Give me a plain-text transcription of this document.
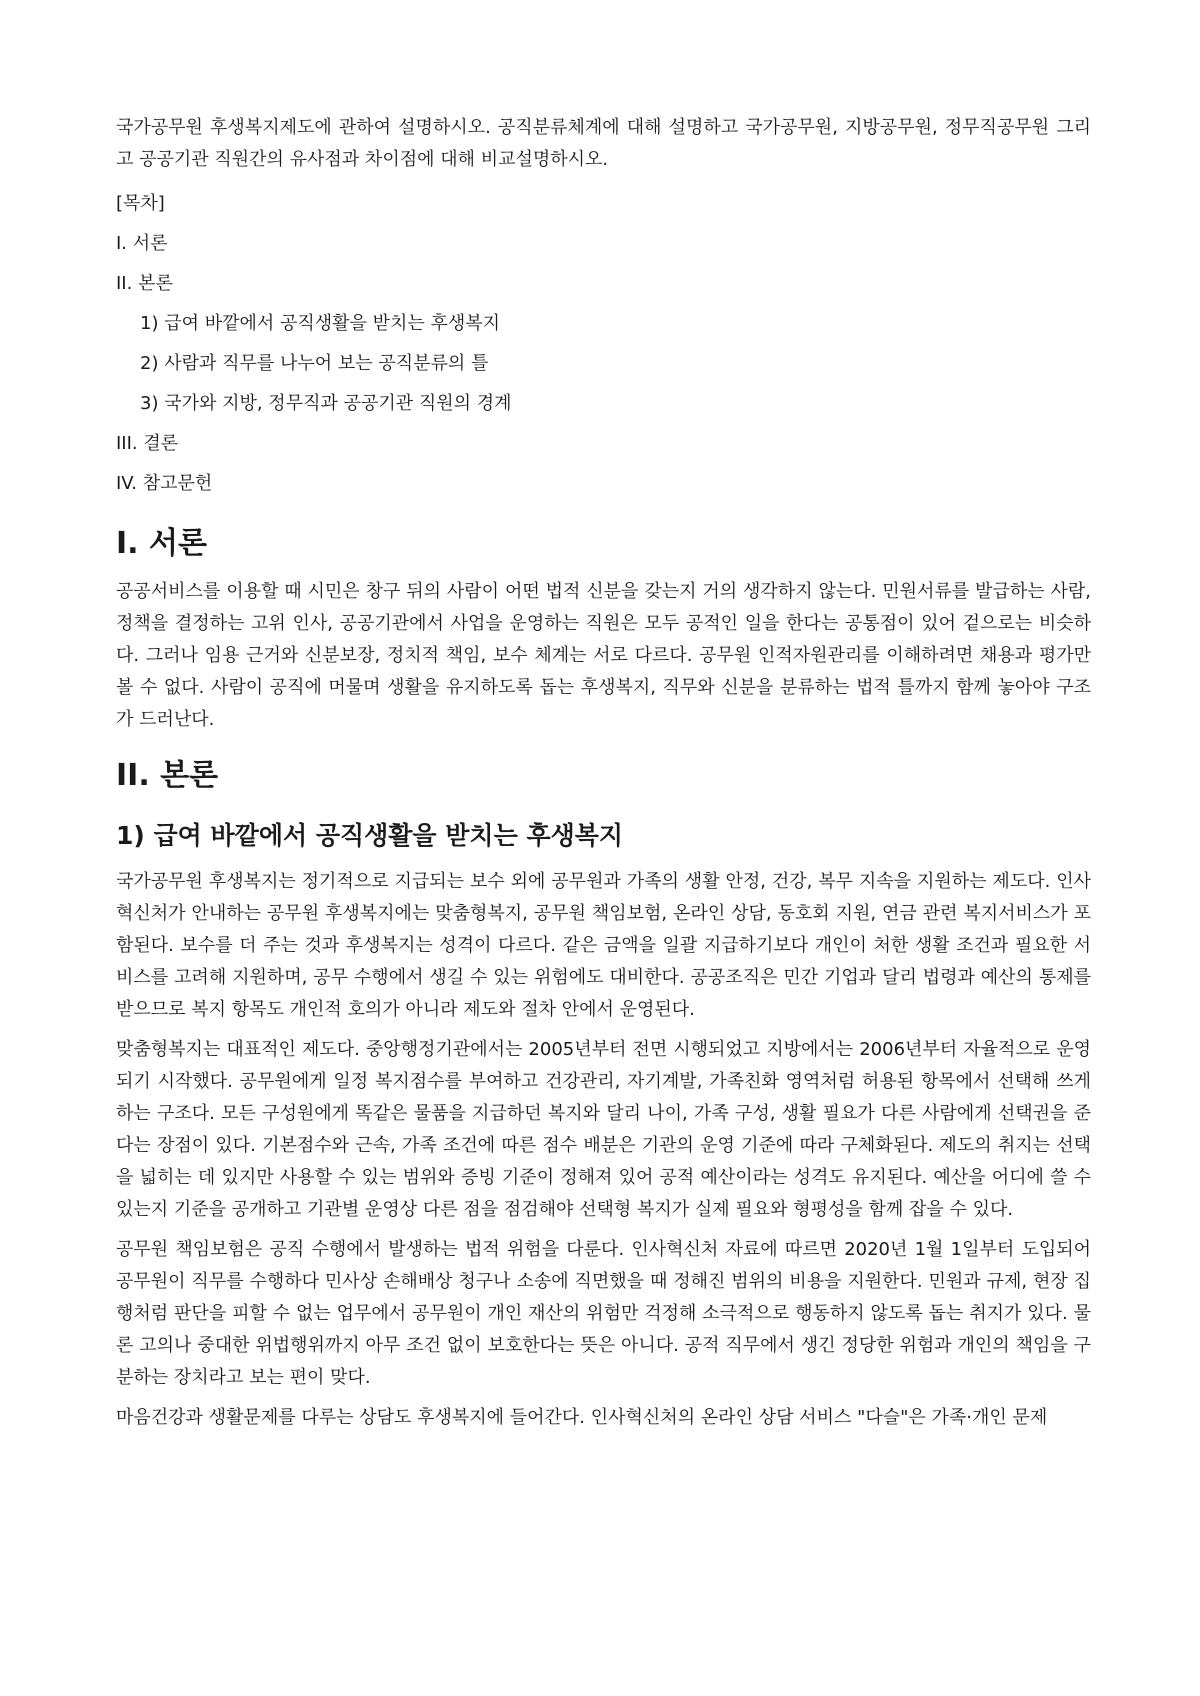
국가공무원 후생복지제도에 관하여 설명하시오. 공직분류체계에 대해 설명하고 국가공무원, 지방공무원, 정무직공무원 그리고 공공기관 직원간의 유사점과 차이점에 대해 비교설명하시오.

[목차]
I. 서론
II. 본론
1) 급여 바깥에서 공직생활을 받치는 후생복지
2) 사람과 직무를 나누어 보는 공직분류의 틀
3) 국가와 지방, 정무직과 공공기관 직원의 경계
III. 결론
IV. 참고문헌
I. 서론

공공서비스를 이용할 때 시민은 창구 뒤의 사람이 어떤 법적 신분을 갖는지 거의 생각하지 않는다. 민원서류를 발급하는 사람, 정책을 결정하는 고위 인사, 공공기관에서 사업을 운영하는 직원은 모두 공적인 일을 한다는 공통점이 있어 겉으로는 비슷하다. 그러나 임용 근거와 신분보장, 정치적 책임, 보수 체계는 서로 다르다. 공무원 인적자원관리를 이해하려면 채용과 평가만 볼 수 없다. 사람이 공직에 머물며 생활을 유지하도록 돕는 후생복지, 직무와 신분을 분류하는 법적 틀까지 함께 놓아야 구조가 드러난다.

II. 본론
1) 급여 바깥에서 공직생활을 받치는 후생복지

국가공무원 후생복지는 정기적으로 지급되는 보수 외에 공무원과 가족의 생활 안정, 건강, 복무 지속을 지원하는 제도다. 인사혁신처가 안내하는 공무원 후생복지에는 맞춤형복지, 공무원 책임보험, 온라인 상담, 동호회 지원, 연금 관련 복지서비스가 포함된다. 보수를 더 주는 것과 후생복지는 성격이 다르다. 같은 금액을 일괄 지급하기보다 개인이 처한 생활 조건과 필요한 서비스를 고려해 지원하며, 공무 수행에서 생길 수 있는 위험에도 대비한다. 공공조직은 민간 기업과 달리 법령과 예산의 통제를 받으므로 복지 항목도 개인적 호의가 아니라 제도와 절차 안에서 운영된다.

맞춤형복지는 대표적인 제도다. 중앙행정기관에서는 2005년부터 전면 시행되었고 지방에서는 2006년부터 자율적으로 운영되기 시작했다. 공무원에게 일정 복지점수를 부여하고 건강관리, 자기계발, 가족친화 영역처럼 허용된 항목에서 선택해 쓰게 하는 구조다. 모든 구성원에게 똑같은 물품을 지급하던 복지와 달리 나이, 가족 구성, 생활 필요가 다른 사람에게 선택권을 준다는 장점이 있다. 기본점수와 근속, 가족 조건에 따른 점수 배분은 기관의 운영 기준에 따라 구체화된다. 제도의 취지는 선택을 넓히는 데 있지만 사용할 수 있는 범위와 증빙 기준이 정해져 있어 공적 예산이라는 성격도 유지된다. 예산을 어디에 쓸 수 있는지 기준을 공개하고 기관별 운영상 다른 점을 점검해야 선택형 복지가 실제 필요와 형평성을 함께 잡을 수 있다.

공무원 책임보험은 공직 수행에서 발생하는 법적 위험을 다룬다. 인사혁신처 자료에 따르면 2020년 1월 1일부터 도입되어 공무원이 직무를 수행하다 민사상 손해배상 청구나 소송에 직면했을 때 정해진 범위의 비용을 지원한다. 민원과 규제, 현장 집행처럼 판단을 피할 수 없는 업무에서 공무원이 개인 재산의 위험만 걱정해 소극적으로 행동하지 않도록 돕는 취지가 있다. 물론 고의나 중대한 위법행위까지 아무 조건 없이 보호한다는 뜻은 아니다. 공적 직무에서 생긴 정당한 위험과 개인의 책임을 구분하는 장치라고 보는 편이 맞다.

마음건강과 생활문제를 다루는 상담도 후생복지에 들어간다. 인사혁신처의 온라인 상담 서비스 "다슬"은 가족·개인 문제
